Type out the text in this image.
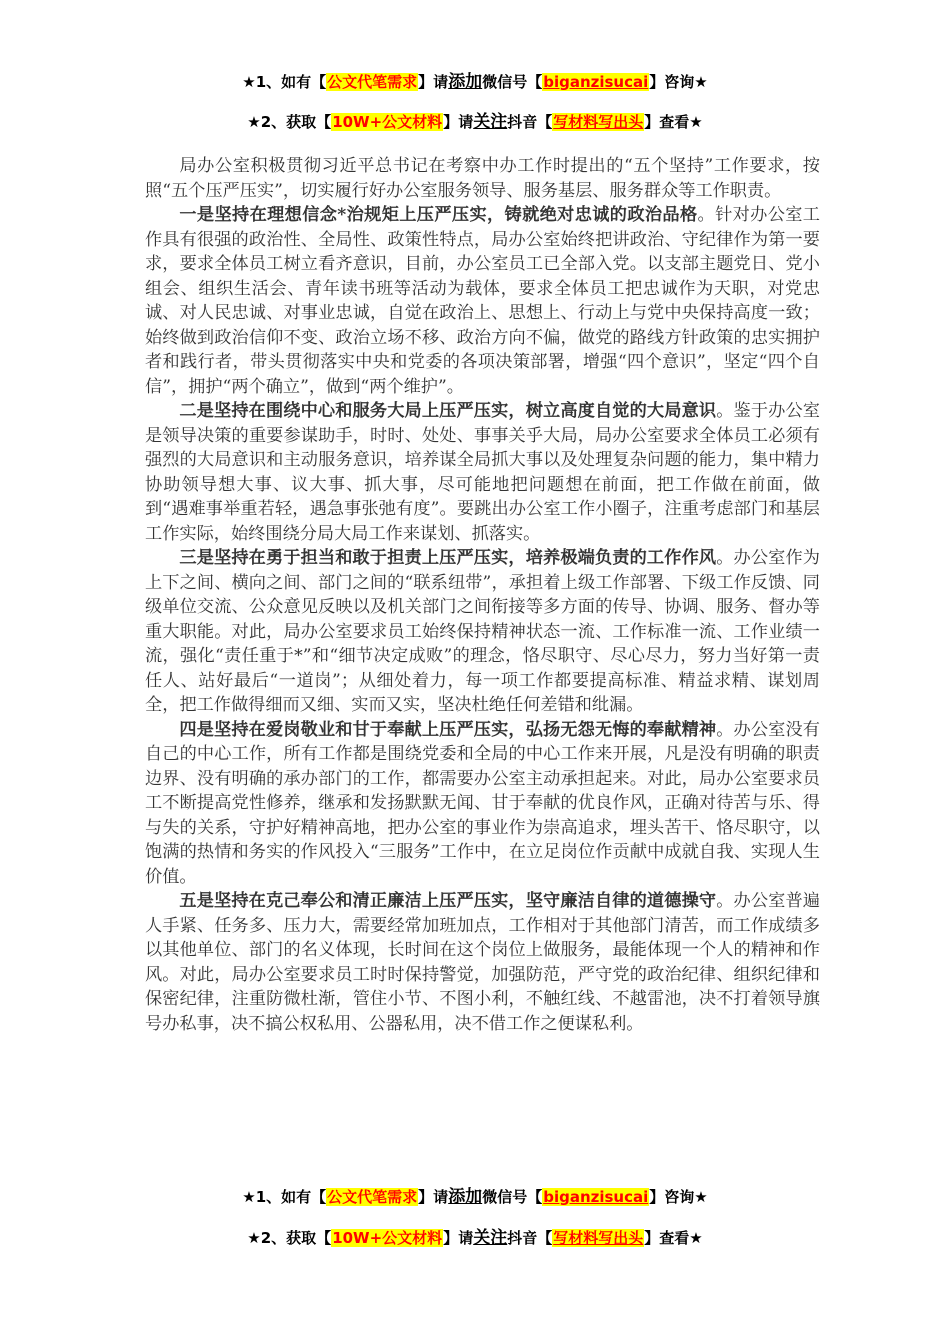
★1、如有【公文代笔需求】请添加微信号【biganzisucai】咨询★
★2、获取【10W+公文材料】请关注抖音【写材料写出头】查看★

局办公室积极贯彻习近平总书记在考察中办工作时提出的“五个坚持”工作要求，按照“五个压严压实”，切实履行好办公室服务领导、服务基层、服务群众等工作职责。

一是坚持在理想信念*治规矩上压严压实，铸就绝对忠诚的政治品格。针对办公室工作具有很强的政治性、全局性、政策性特点，局办公室始终把讲政治、守纪律作为第一要求，要求全体员工树立看齐意识，目前，办公室员工已全部入党。以支部主题党日、党小组会、组织生活会、青年读书班等活动为载体，要求全体员工把忠诚作为天职，对党忠诚、对人民忠诚、对事业忠诚，自觉在政治上、思想上、行动上与党中央保持高度一致；始终做到政治信仰不变、政治立场不移、政治方向不偏，做党的路线方针政策的忠实拥护者和践行者，带头贯彻落实中央和党委的各项决策部署，增强“四个意识”，坚定“四个自信”，拥护“两个确立”，做到“两个维护”。

二是坚持在围绕中心和服务大局上压严压实，树立高度自觉的大局意识。鉴于办公室是领导决策的重要参谋助手，时时、处处、事事关乎大局，局办公室要求全体员工必须有强烈的大局意识和主动服务意识，培养谋全局抓大事以及处理复杂问题的能力，集中精力协助领导想大事、议大事、抓大事，尽可能地把问题想在前面，把工作做在前面，做到“遇难事举重若轻，遇急事张弛有度”。要跳出办公室工作小圈子，注重考虑部门和基层工作实际，始终围绕分局大局工作来谋划、抓落实。

三是坚持在勇于担当和敢于担责上压严压实，培养极端负责的工作作风。办公室作为上下之间、横向之间、部门之间的“联系纽带”，承担着上级工作部署、下级工作反馈、同级单位交流、公众意见反映以及机关部门之间衔接等多方面的传导、协调、服务、督办等重大职能。对此，局办公室要求员工始终保持精神状态一流、工作标准一流、工作业绩一流，强化“责任重于*”和“细节决定成败”的理念，恪尽职守、尽心尽力，努力当好第一责任人、站好最后“一道岗”；从细处着力，每一项工作都要提高标准、精益求精、谋划周全，把工作做得细而又细、实而又实，坚决杜绝任何差错和纰漏。

四是坚持在爱岗敬业和甘于奉献上压严压实，弘扬无怨无悔的奉献精神。办公室没有自己的中心工作，所有工作都是围绕党委和全局的中心工作来开展，凡是没有明确的职责边界、没有明确的承办部门的工作，都需要办公室主动承担起来。对此，局办公室要求员工不断提高党性修养，继承和发扬默默无闻、甘于奉献的优良作风，正确对待苦与乐、得与失的关系，守护好精神高地，把办公室的事业作为崇高追求，埋头苦干、恪尽职守，以饱满的热情和务实的作风投入“三服务”工作中，在立足岗位作贡献中成就自我、实现人生价值。

五是坚持在克己奉公和清正廉洁上压严压实，坚守廉洁自律的道德操守。办公室普遍人手紧、任务多、压力大，需要经常加班加点，工作相对于其他部门清苦，而工作成绩多以其他单位、部门的名义体现，长时间在这个岗位上做服务，最能体现一个人的精神和作风。对此，局办公室要求员工时时保持警觉，加强防范，严守党的政治纪律、组织纪律和保密纪律，注重防微杜渐，管住小节、不图小利，不触红线、不越雷池，决不打着领导旗号办私事，决不搞公权私用、公器私用，决不借工作之便谋私利。

★1、如有【公文代笔需求】请添加微信号【biganzisucai】咨询★
★2、获取【10W+公文材料】请关注抖音【写材料写出头】查看★
